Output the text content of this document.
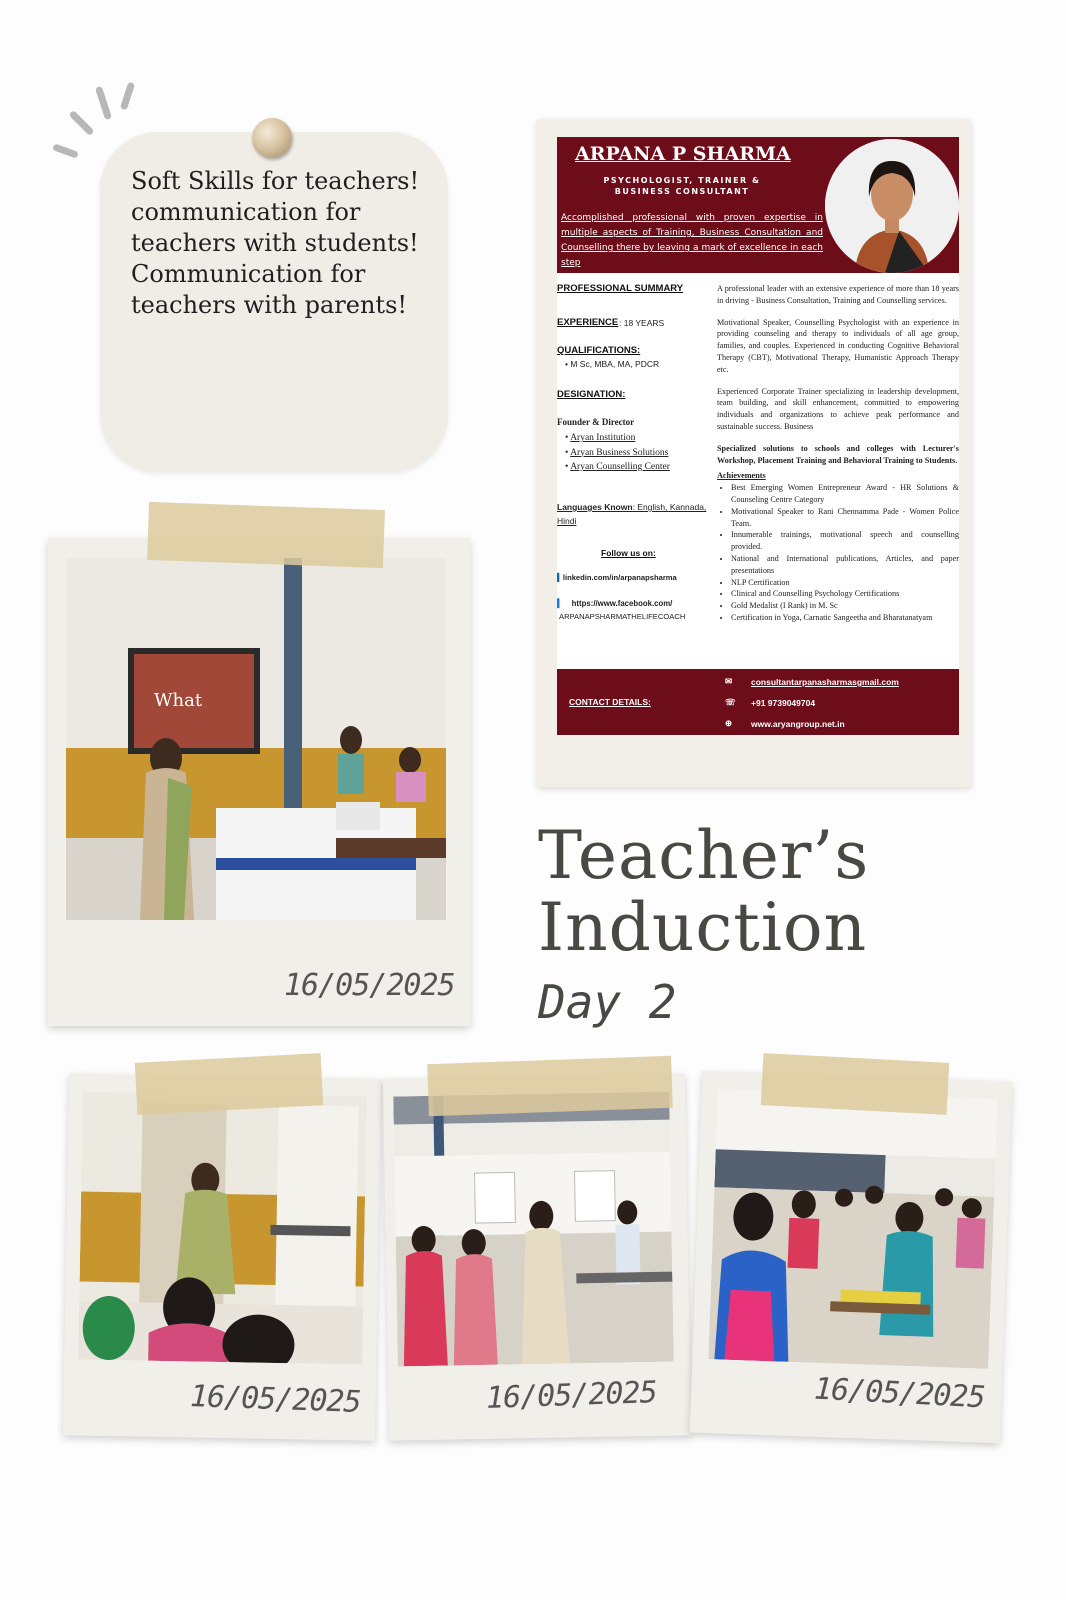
Soft Skills for teachers! communication for teachers with students! Communication for teachers with parents!
ARPANA P SHARMA
PSYCHOLOGIST, TRAINER & BUSINESS CONSULTANT
Accomplished professional with proven expertise in multiple aspects of Training, Business Consultation and Counselling there by leaving a mark of excellence in each step
PROFESSIONAL SUMMARY
EXPERIENCE : 18 YEARS
QUALIFICATIONS:
• M Sc, MBA, MA, PDCR
DESIGNATION:
Founder & Director
• Aryan Institution
• Aryan Business Solutions
• Aryan Counselling Center
Languages Known: English, Kannada, Hindi
Follow us on:
▍linkedin.com/in/arpanapsharma
▍ https://www.facebook.com/
ARPANAPSHARMATHELIFECOACH

A professional leader with an extensive experience of more than 18 years in driving - Business Consultation, Training and Counselling services.

Motivational Speaker, Counselling Psychologist with an experience in providing counseling and therapy to individuals of all age group, families, and couples. Experienced in conducting Cognitive Behavioral Therapy (CBT), Motivational Therapy, Humanistic Approach Therapy etc.

Experienced Corporate Trainer specializing in leadership development, team building, and skill enhancement, committed to empowering individuals and organizations to achieve peak performance and sustainable success. Business

Specialized solutions to schools and colleges with Lecturer's Workshop, Placement Training and Behavioral Training to Students.

Achievements
• Best Emerging Women Entrepreneur Award - HR Solutions & Counseling Centre Category
• Motivational Speaker to Rani Chennamma Pade - Women Police Team.
• Innumerable trainings, motivational speech and counselling provided.
• National and International publications, Articles, and paper presentations
• NLP Certification
• Clinical and Counselling Psychology Certifications
• Gold Medalist (I Rank) in M. Sc
• Certification in Yoga, Carnatic Sangeetha and Bharatanatyam
CONTACT DETAILS:
✉ consultantarpanasharmasgmail.com
☏ +91 9739049704
⊕ www.aryangroup.net.in
What
16/05/2025
Teacher’s
Induction
Day 2
16/05/2025	16/05/2025	16/05/2025
